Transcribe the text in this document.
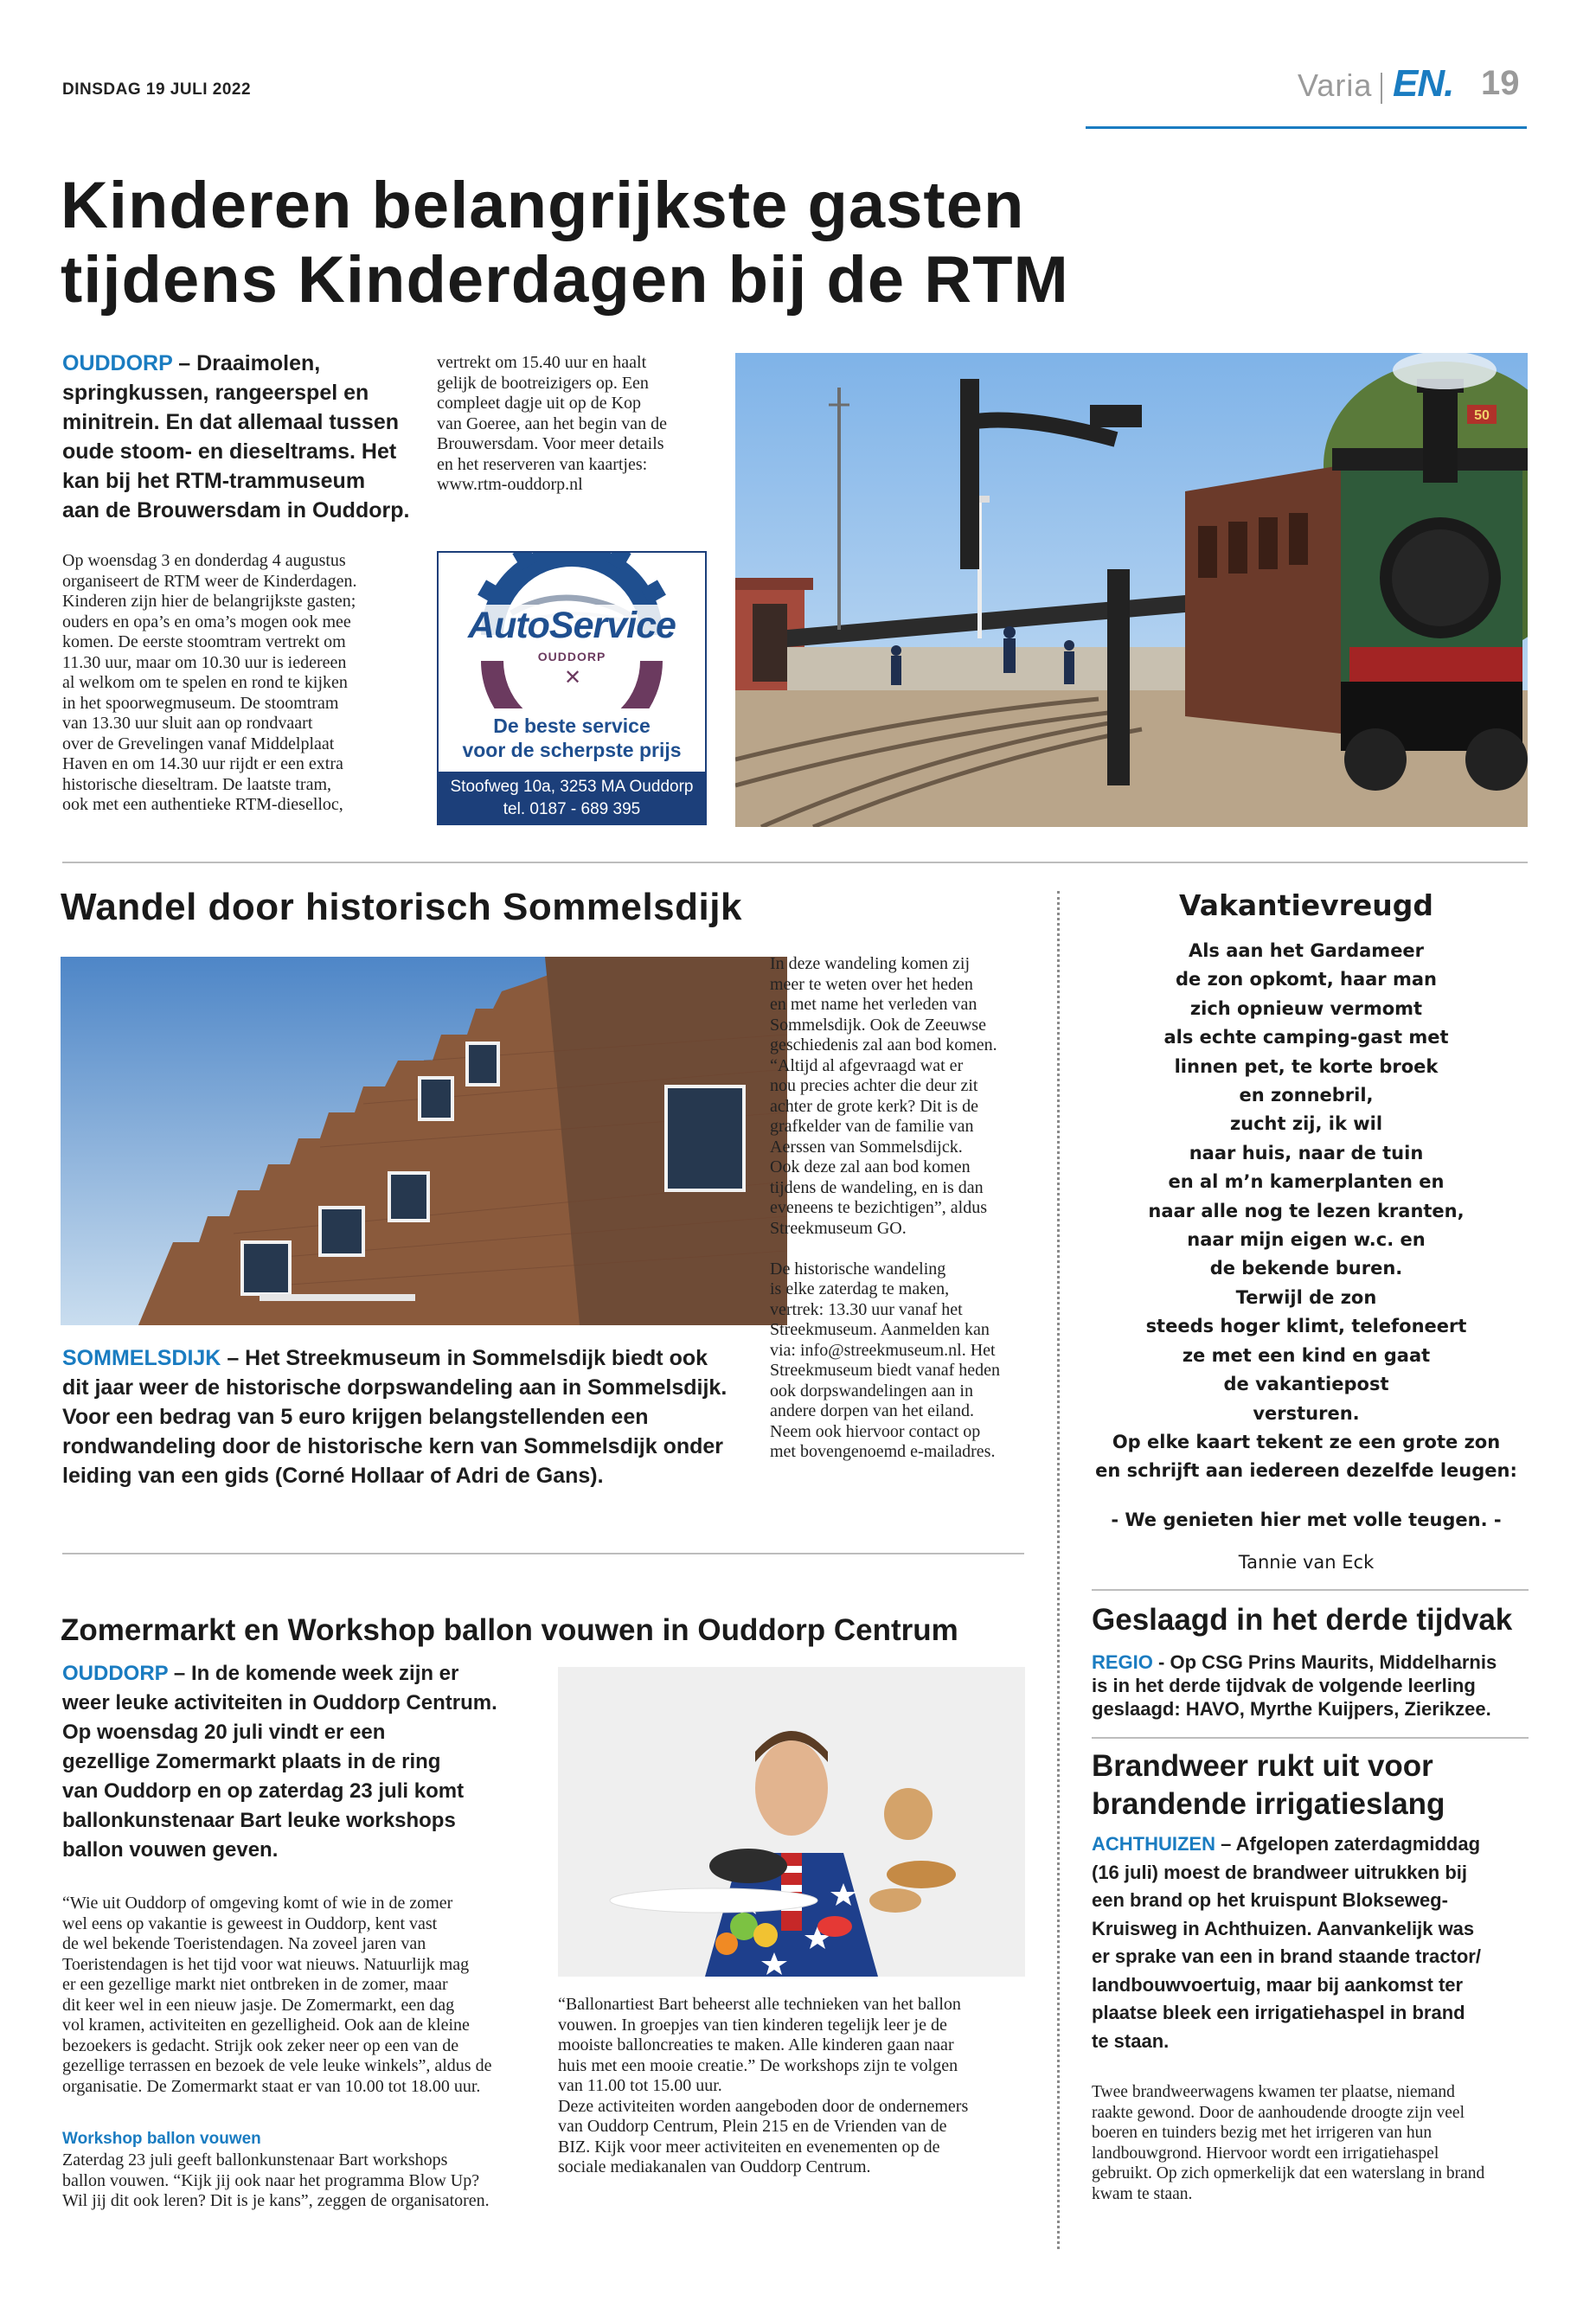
DINSDAG 19 JULI 2022	Varia EN. 19
Kinderen belangrijkste gasten
tijdens Kinderdagen bij de RTM
OUDDORP – Draaimolen,
springkussen, rangeerspel en
minitrein. En dat allemaal tussen
oude stoom- en dieseltrams. Het
kan bij het RTM-trammuseum
aan de Brouwersdam in Ouddorp.
Op woensdag 3 en donderdag 4 augustus
organiseert de RTM weer de Kinderdagen.
Kinderen zijn hier de belangrijkste gasten;
ouders en opa’s en oma’s mogen ook mee
komen. De eerste stoomtram vertrekt om
11.30 uur, maar om 10.30 uur is iedereen
al welkom om te spelen en rond te kijken
in het spoorwegmuseum. De stoomtram
van 13.30 uur sluit aan op rondvaart
over de Grevelingen vanaf Middelplaat
Haven en om 14.30 uur rijdt er een extra
historische dieseltram. De laatste tram,
ook met een authentieke RTM-dieselloc,
vertrekt om 15.40 uur en haalt
gelijk de bootreizigers op. Een
compleet dagje uit op de Kop
van Goeree, aan het begin van de
Brouwersdam. Voor meer details
en het reserveren van kaartjes:
www.rtm-ouddorp.nl
AutoService
OUDDORP
✕
De beste service
voor de scherpste prijs
Stoofweg 10a, 3253 MA Ouddorp
tel. 0187 - 689 395
50
Wandel door historisch Sommelsdijk
SOMMELSDIJK – Het Streekmuseum in Sommelsdijk biedt ook
dit jaar weer de historische dorpswandeling aan in Sommelsdijk.
Voor een bedrag van 5 euro krijgen belangstellenden een
rondwandeling door de historische kern van Sommelsdijk onder
leiding van een gids (Corné Hollaar of Adri de Gans).
In deze wandeling komen zij
meer te weten over het heden
en met name het verleden van
Sommelsdijk. Ook de Zeeuwse
geschiedenis zal aan bod komen.
“Altijd al afgevraagd wat er
nou precies achter die deur zit
achter de grote kerk? Dit is de
grafkelder van de familie van
Aerssen van Sommelsdijck.
Ook deze zal aan bod komen
tijdens de wandeling, en is dan
eveneens te bezichtigen”, aldus
Streekmuseum GO.
De historische wandeling
is elke zaterdag te maken,
vertrek: 13.30 uur vanaf het
Streekmuseum. Aanmelden kan
via: info@streekmuseum.nl. Het
Streekmuseum biedt vanaf heden
ook dorpswandelingen aan in
andere dorpen van het eiland.
Neem ook hiervoor contact op
met bovengenoemd e-mailadres.
Vakantievreugd
Als aan het Gardameer
de zon opkomt, haar man
zich opnieuw vermomt
als echte camping-gast met
linnen pet, te korte broek
en zonnebril,
zucht zij, ik wil
naar huis, naar de tuin
en al m’n kamerplanten en
naar alle nog te lezen kranten,
naar mijn eigen w.c. en
de bekende buren.
Terwijl de zon
steeds hoger klimt, telefoneert
ze met een kind en gaat
de vakantiepost
versturen.
Op elke kaart tekent ze een grote zon
en schrijft aan iedereen dezelfde leugen:
- We genieten hier met volle teugen. -
Tannie van Eck
Geslaagd in het derde tijdvak
REGIO - Op CSG Prins Maurits, Middelharnis
is in het derde tijdvak de volgende leerling
geslaagd: HAVO, Myrthe Kuijpers, Zierikzee.
Brandweer rukt uit voor
brandende irrigatieslang
ACHTHUIZEN – Afgelopen zaterdagmiddag
(16 juli) moest de brandweer uitrukken bij
een brand op het kruispunt Blokseweg-
Kruisweg in Achthuizen. Aanvankelijk was
er sprake van een in brand staande tractor/
landbouwvoertuig, maar bij aankomst ter
plaatse bleek een irrigatiehaspel in brand
te staan.
Twee brandweerwagens kwamen ter plaatse, niemand
raakte gewond. Door de aanhoudende droogte zijn veel
boeren en tuinders bezig met het irrigeren van hun
landbouwgrond. Hiervoor wordt een irrigatiehaspel
gebruikt. Op zich opmerkelijk dat een waterslang in brand
kwam te staan.
Zomermarkt en Workshop ballon vouwen in Ouddorp Centrum
OUDDORP – In de komende week zijn er
weer leuke activiteiten in Ouddorp Centrum.
Op woensdag 20 juli vindt er een
gezellige Zomermarkt plaats in de ring
van Ouddorp en op zaterdag 23 juli komt
ballonkunstenaar Bart leuke workshops
ballon vouwen geven.
“Wie uit Ouddorp of omgeving komt of wie in de zomer
wel eens op vakantie is geweest in Ouddorp, kent vast
de wel bekende Toeristendagen. Na zoveel jaren van
Toeristendagen is het tijd voor wat nieuws. Natuurlijk mag
er een gezellige markt niet ontbreken in de zomer, maar
dit keer wel in een nieuw jasje. De Zomermarkt, een dag
vol kramen, activiteiten en gezelligheid. Ook aan de kleine
bezoekers is gedacht. Strijk ook zeker neer op een van de
gezellige terrassen en bezoek de vele leuke winkels”, aldus de
organisatie. De Zomermarkt staat er van 10.00 tot 18.00 uur.
Workshop ballon vouwen
Zaterdag 23 juli geeft ballonkunstenaar Bart workshops
ballon vouwen. “Kijk jij ook naar het programma Blow Up?
Wil jij dit ook leren? Dit is je kans”, zeggen de organisatoren.
“Ballonartiest Bart beheerst alle technieken van het ballon
vouwen. In groepjes van tien kinderen tegelijk leer je de
mooiste balloncreaties te maken. Alle kinderen gaan naar
huis met een mooie creatie.” De workshops zijn te volgen
van 11.00 tot 15.00 uur.
Deze activiteiten worden aangeboden door de ondernemers
van Ouddorp Centrum, Plein 215 en de Vrienden van de
BIZ. Kijk voor meer activiteiten en evenementen op de
sociale mediakanalen van Ouddorp Centrum.
